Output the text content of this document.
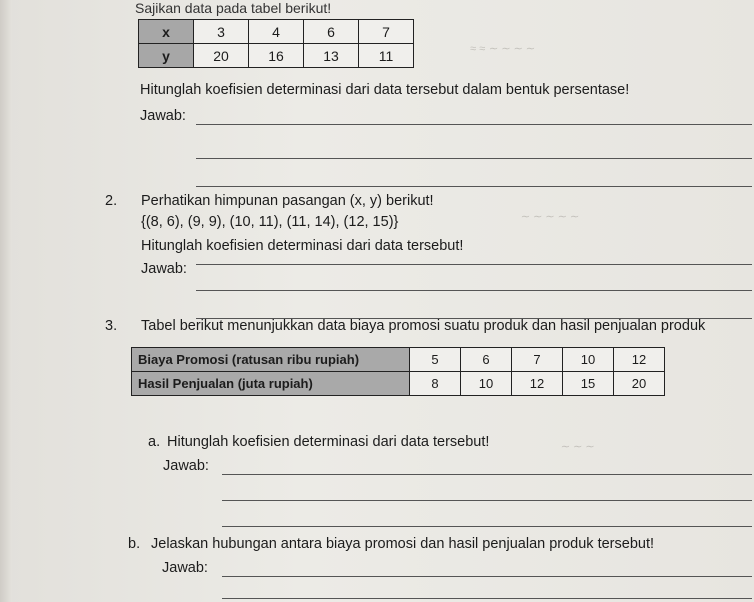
≈ ≈ ∼ ∼ ∼ ∼
∼ ∼ ∼ ∼ ∼
∼ ∼ ∼
Sajikan data pada tabel berikut!
x	3	4	6	7
y	20	16	13	11
Hitunglah koefisien determinasi dari data tersebut dalam bentuk persentase!
Jawab:
2. Perhatikan himpunan pasangan (x, y) berikut!
{(8, 6), (9, 9), (10, 11), (11, 14), (12, 15)}
Hitunglah koefisien determinasi dari data tersebut!
Jawab:
3. Tabel berikut menunjukkan data biaya promosi suatu produk dan hasil penjualan produk
Biaya Promosi (ratusan ribu rupiah)	5	6	7	10	12
Hasil Penjualan (juta rupiah)	8	10	12	15	20
a. Hitunglah koefisien determinasi dari data tersebut!
Jawab:
b. Jelaskan hubungan antara biaya promosi dan hasil penjualan produk tersebut!
Jawab:
